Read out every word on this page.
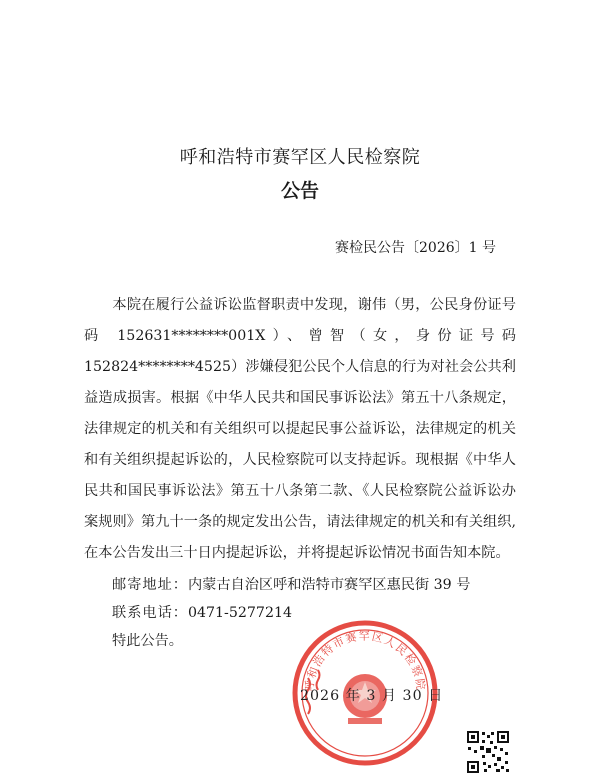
呼和浩特市赛罕区人民检察院
公告
赛检民公告〔2026〕1 号

本院在履行公益诉讼监督职责中发现，谢伟（男，公民身份证号码 152631********001X）、曾智（女，身份证号码 152824********4525）涉嫌侵犯公民个人信息的行为对社会公共利益造成损害。根据《中华人民共和国民事诉讼法》第五十八条规定，法律规定的机关和有关组织可以提起民事公益诉讼，法律规定的机关和有关组织提起诉讼的，人民检察院可以支持起诉。现根据《中华人民共和国民事诉讼法》第五十八条第二款、《人民检察院公益诉讼办案规则》第九十一条的规定发出公告，请法律规定的机关和有关组织,在本公告发出三十日内提起诉讼，并将提起诉讼情况书面告知本院。

邮寄地址：内蒙古自治区呼和浩特市赛罕区惠民街 39 号
联系电话：0471-5277214
特此公告。
呼和浩特市赛罕区人民检察院
2026 年 3 月 30 日
